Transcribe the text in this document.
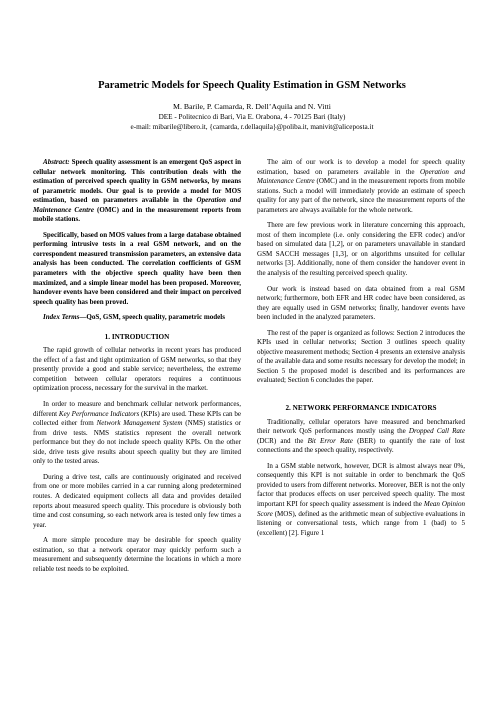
Parametric Models for Speech Quality Estimation in GSM Networks
M. Barile, P. Camarda, R. Dell’Aquila and N. Vitti
DEE - Politecnico di Bari, Via E. Orabona, 4 - 70125 Bari (Italy)
e-mail: mibarile@libero.it, {camarda, r.dellaquila}@poliba.it, manivit@aliceposta.it

Abstract: Speech quality assessment is an emergent QoS aspect in cellular network monitoring. This contribution deals with the estimation of perceived speech quality in GSM networks, by means of parametric models. Our goal is to provide a model for MOS estimation, based on parameters available in the Operation and Maintenance Centre (OMC) and in the measurement reports from mobile stations.

Specifically, based on MOS values from a large database obtained performing intrusive tests in a real GSM network, and on the correspondent measured transmission parameters, an extensive data analysis has been conducted. The correlation coefficients of GSM parameters with the objective speech quality have been then maximized, and a simple linear model has been proposed. Moreover, handover events have been considered and their impact on perceived speech quality has been proved.

Index Terms—QoS, GSM, speech quality, parametric models

1. INTRODUCTION

The rapid growth of cellular networks in recent years has produced the effect of a fast and tight optimization of GSM networks, so that they presently provide a good and stable service; nevertheless, the extreme competition between cellular operators requires a continuous optimization process, necessary for the survival in the market.

In order to measure and benchmark cellular network performances, different Key Performance Indicators (KPIs) are used. These KPIs can be collected either from Network Management System (NMS) statistics or from drive tests. NMS statistics represent the overall network performance but they do not include speech quality KPIs. On the other side, drive tests give results about speech quality but they are limited only to the tested areas.

During a drive test, calls are continuously originated and received from one or more mobiles carried in a car running along predetermined routes. A dedicated equipment collects all data and provides detailed reports about measured speech quality. This procedure is obviously both time and cost consuming, so each network area is tested only few times a year.

A more simple procedure may be desirable for speech quality estimation, so that a network operator may quickly perform such a measurement and subsequently determine the locations in which a more reliable test needs to be exploited.

The aim of our work is to develop a model for speech quality estimation, based on parameters available in the Operation and Maintenance Centre (OMC) and in the measurement reports from mobile stations. Such a model will immediately provide an estimate of speech quality for any part of the network, since the measurement reports of the parameters are always available for the whole network.

There are few previous work in literature concerning this approach, most of them incomplete (i.e. only considering the EFR codec) and/or based on simulated data [1,2], or on parameters unavailable in standard GSM SACCH messages [1,3], or on algorithms unsuited for cellular networks [3]. Additionally, none of them consider the handover event in the analysis of the resulting perceived speech quality.

Our work is instead based on data obtained from a real GSM network; furthermore, both EFR and HR codec have been considered, as they are equally used in GSM networks; finally, handover events have been included in the analyzed parameters.

The rest of the paper is organized as follows: Section 2 introduces the KPIs used in cellular networks; Section 3 outlines speech quality objective measurement methods; Section 4 presents an extensive analysis of the available data and some results necessary for develop the model; in Section 5 the proposed model is described and its performances are evaluated; Section 6 concludes the paper.

2. NETWORK PERFORMANCE INDICATORS

Traditionally, cellular operators have measured and benchmarked their network QoS performances mostly using the Dropped Call Rate (DCR) and the Bit Error Rate (BER) to quantify the rate of lost connections and the speech quality, respectively.

In a GSM stable network, however, DCR is almost always near 0%, consequently this KPI is not suitable in order to benchmark the QoS provided to users from different networks. Moreover, BER is not the only factor that produces effects on user perceived speech quality. The most important KPI for speech quality assessment is indeed the Mean Opinion Score (MOS), defined as the arithmetic mean of subjective evaluations in listening or conversational tests, which range from 1 (bad) to 5 (excellent) [2]. Figure 1
